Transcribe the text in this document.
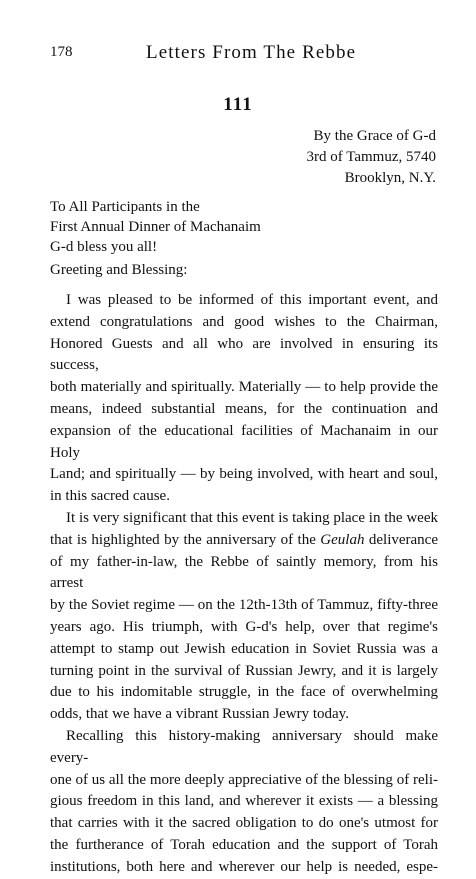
178	Letters From The Rebbe
111
By the Grace of G-d
3rd of Tammuz, 5740
Brooklyn, N.Y.
To All Participants in the
First Annual Dinner of Machanaim
G-d bless you all!
Greeting and Blessing:

I was pleased to be informed of this important event, and
extend congratulations and good wishes to the Chairman,
Honored Guests and all who are involved in ensuring its success,
both materially and spiritually. Materially — to help provide the
means, indeed substantial means, for the continuation and
expansion of the educational facilities of Machanaim in our Holy
Land; and spiritually — by being involved, with heart and soul,
in this sacred cause.

It is very significant that this event is taking place in the week
that is highlighted by the anniversary of the Geulah deliverance
of my father-in-law, the Rebbe of saintly memory, from his arrest
by the Soviet regime — on the 12th-13th of Tammuz, fifty-three
years ago. His triumph, with G-d's help, over that regime's
attempt to stamp out Jewish education in Soviet Russia was a
turning point in the survival of Russian Jewry, and it is largely
due to his indomitable struggle, in the face of overwhelming
odds, that we have a vibrant Russian Jewry today.

Recalling this history-making anniversary should make every-
one of us all the more deeply appreciative of the blessing of reli-
gious freedom in this land, and wherever it exists — a blessing
that carries with it the sacred obligation to do one's utmost for
the furtherance of Torah education and the support of Torah
institutions, both here and wherever our help is needed, espe-
